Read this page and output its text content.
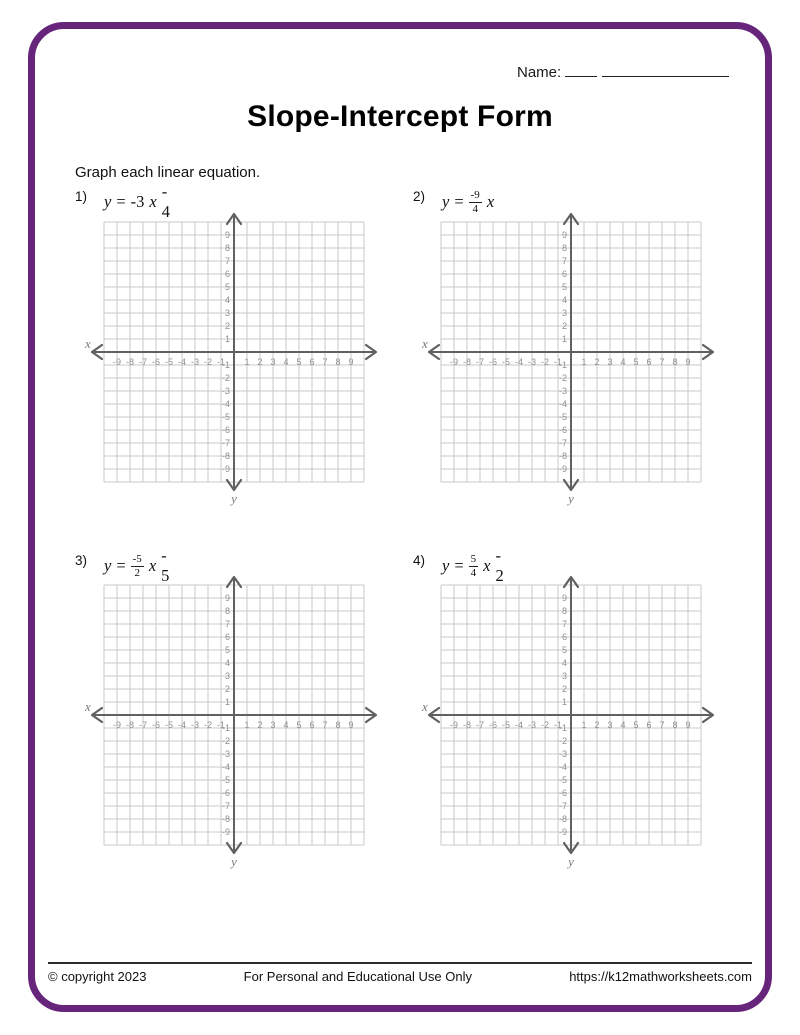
Name:
Slope-Intercept Form
Graph each linear equation.
1) y = -3 x
- 4
2) $y = \frac{-9}{4}$ x
3) $y = \frac{-5}{2}$ x
- 5
4) $y = \frac{5}{4}$ x
- 2
x
y
-9
-9
-8
-8
-7
-7
-6
-6
-5
-5
-4
-4
-3
-3
-2
-2
-1
-1 1
1
2
2
3
3
4
4
5
5
6
6
7
7
8
8
9
9
x
y
-9
-9
-8
-8
-7
-7
-6
-6
-5
-5
-4
-4
-3
-3
-2
-2
-1
-1 1
1
2
2
3
3
4
4
5
5
6
6
7
7
8
8
9
9
x
y
-9
-9
-8
-8
-7
-7
-6
-6
-5
-5
-4
-4
-3
-3
-2
-2
-1
-1 1
1
2
2
3
3
4
4
5
5
6
6
7
7
8
8
9
9
x
y
-9
-9
-8
-8
-7
-7
-6
-6
-5
-5
-4
-4
-3
-3
-2
-2
-1
-1 1
1
2
2
3
3
4
4
5
5
6
6
7
7
8
8
9
9
© copyright 2023	For Personal and Educational Use Only	https://k12mathworksheets.com
